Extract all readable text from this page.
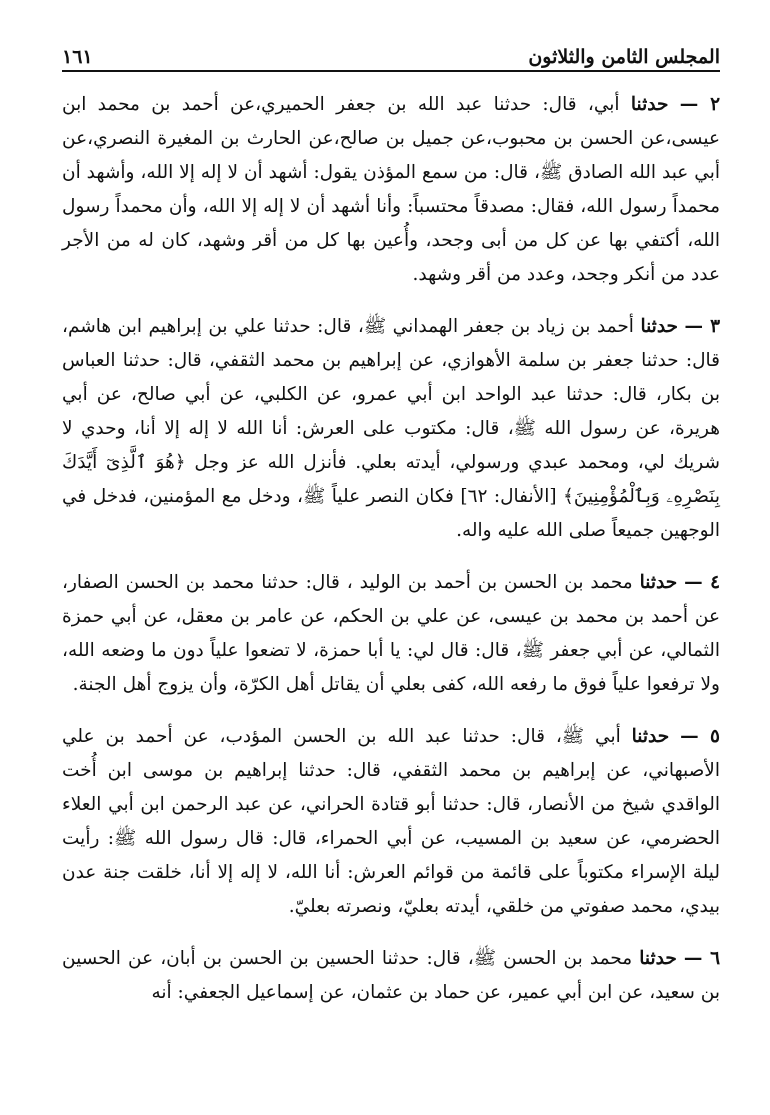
المجلس الثامن والثلاثون
١٦١

٢ — حدثنا أبي، قال: حدثنا عبد الله بن جعفر الحميري،عن أحمد بن محمد ابن عيسى،عن الحسن بن محبوب،عن جميل بن صالح،عن الحارث بن المغيرة النصري،عن أبي عبد الله الصادق ﷺ، قال: من سمع المؤذن يقول: أشهد أن لا إله إلا الله، وأشهد أن محمداً رسول الله، فقال: مصدقاً محتسباً: وأنا أشهد أن لا إله إلا الله، وأن محمداً رسول الله، أكتفي بها عن كل من أبى وجحد، وأُعين بها كل من أقر وشهد، كان له من الأجر عدد من أنكر وجحد، وعدد من أقر وشهد.

٣ — حدثنا أحمد بن زياد بن جعفر الهمداني ﷺ، قال: حدثنا علي بن إبراهيم ابن هاشم، قال: حدثنا جعفر بن سلمة الأهوازي، عن إبراهيم بن محمد الثقفي، قال: حدثنا العباس بن بكار، قال: حدثنا عبد الواحد ابن أبي عمرو، عن الكلبي، عن أبي صالح، عن أبي هريرة، عن رسول الله ﷺ، قال: مكتوب على العرش: أنا الله لا إله إلا أنا، وحدي لا شريك لي، ومحمد عبدي ورسولي، أيدته بعلي. فأنزل الله عز وجل ﴿هُوَ ٱلَّذِىٓ أَيَّدَكَ بِنَصْرِهِۦ وَبِٱلْمُؤْمِنِينَ﴾ [الأنفال: ٦٢] فكان النصر علياً ﷺ، ودخل مع المؤمنين، فدخل في الوجهين جميعاً صلى الله عليه واله.

٤ — حدثنا محمد بن الحسن بن أحمد بن الوليد ، قال: حدثنا محمد بن الحسن الصفار، عن أحمد بن محمد بن عيسى، عن علي بن الحكم، عن عامر بن معقل، عن أبي حمزة الثمالي، عن أبي جعفر ﷺ، قال: قال لي: يا أبا حمزة، لا تضعوا علياً دون ما وضعه الله، ولا ترفعوا علياً فوق ما رفعه الله، كفى بعلي أن يقاتل أهل الكرّة، وأن يزوج أهل الجنة.

٥ — حدثنا أبي ﷺ، قال: حدثنا عبد الله بن الحسن المؤدب، عن أحمد بن علي الأصبهاني، عن إبراهيم بن محمد الثقفي، قال: حدثنا إبراهيم بن موسى ابن أُخت الواقدي شيخ من الأنصار، قال: حدثنا أبو قتادة الحراني، عن عبد الرحمن ابن أبي العلاء الحضرمي، عن سعيد بن المسيب، عن أبي الحمراء، قال: قال رسول الله ﷺ: رأيت ليلة الإسراء مكتوباً على قائمة من قوائم العرش: أنا الله، لا إله إلا أنا، خلقت جنة عدن بيدي، محمد صفوتي من خلقي، أيدته بعليّ، ونصرته بعليّ.

٦ — حدثنا محمد بن الحسن ﷺ، قال: حدثنا الحسين بن الحسن بن أبان، عن الحسين بن سعيد، عن ابن أبي عمير، عن حماد بن عثمان، عن إسماعيل الجعفي: أنه
